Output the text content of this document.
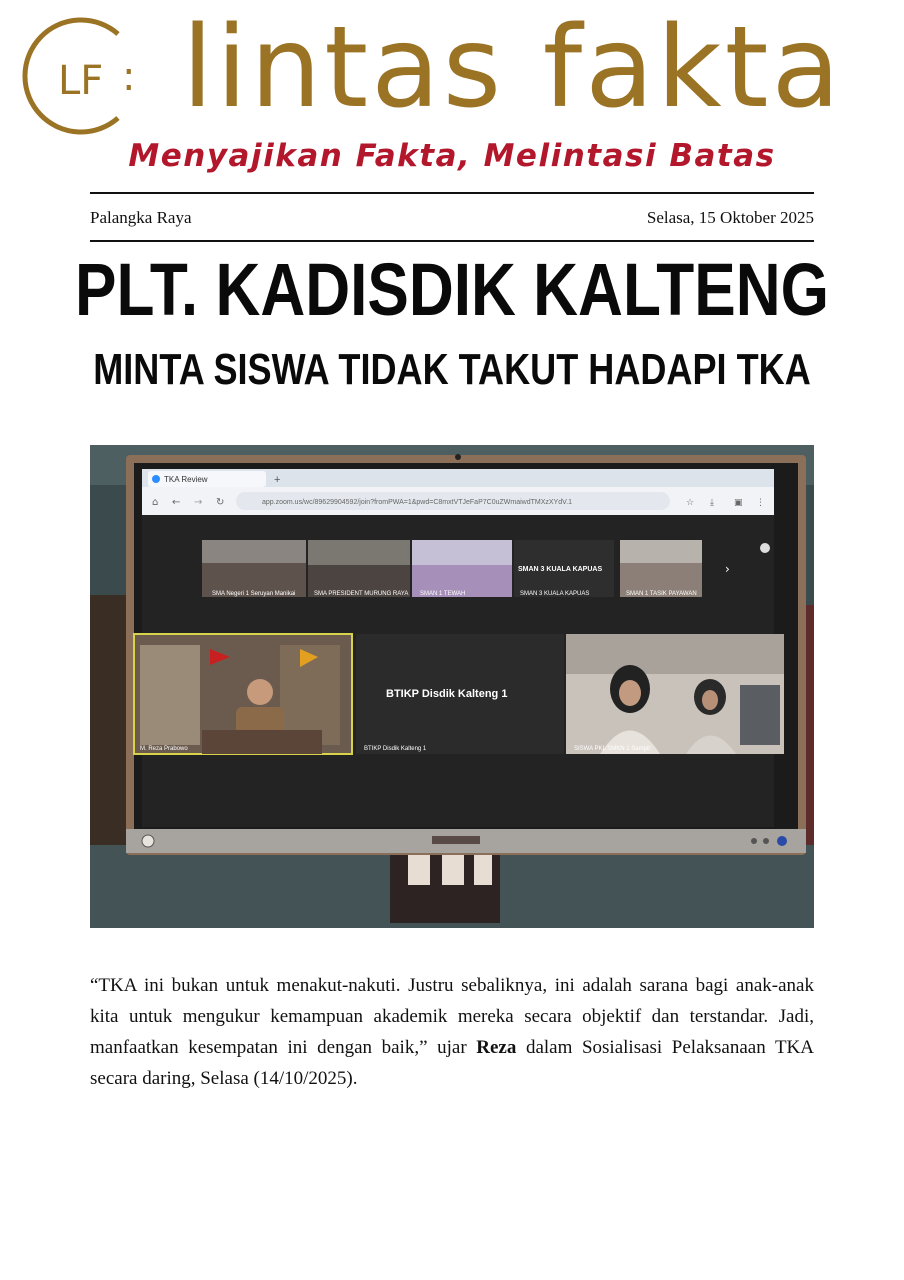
LF : lintas fakta
Menyajikan Fakta, Melintasi Batas
Palangka Raya	Selasa, 15 Oktober 2025
PLT. KADISDIK KALTENG
MINTA SISWA TIDAK TAKUT HADAPI TKA
TKA Review	+
⌂ ← → ↻	app.zoom.us/wc/89629904592/join?fromPWA=1&pwd=C8mxtVTJeFaP7C0uZWmaiwdTMXzXYdV.1	☆ ⤓ ▣ ⋮
SMA Negeri 1 Seruyan Manikai	SMA PRESIDENT MURUNG RAYA SMAN 1 TEWAH
SMAN 3 KUALA KAPUAS
SMAN 3 KUALA KAPUAS	SMAN 1 TASIK PAYAWAN
›
M. Reza Prabowo
BTIKP Disdik Kalteng 1
BTIKP Disdik Kalteng 1	SISWA PKL SMKN 1 Sampit
“TKA ini bukan untuk menakut-nakuti. Justru sebaliknya, ini adalah sarana bagi anak-anak kita untuk mengukur kemampuan akademik mereka secara objektif dan terstandar. Jadi, manfaatkan kesempatan ini dengan baik,” ujar Reza dalam Sosialisasi Pelaksanaan TKA secara daring, Selasa (14/10/2025).
